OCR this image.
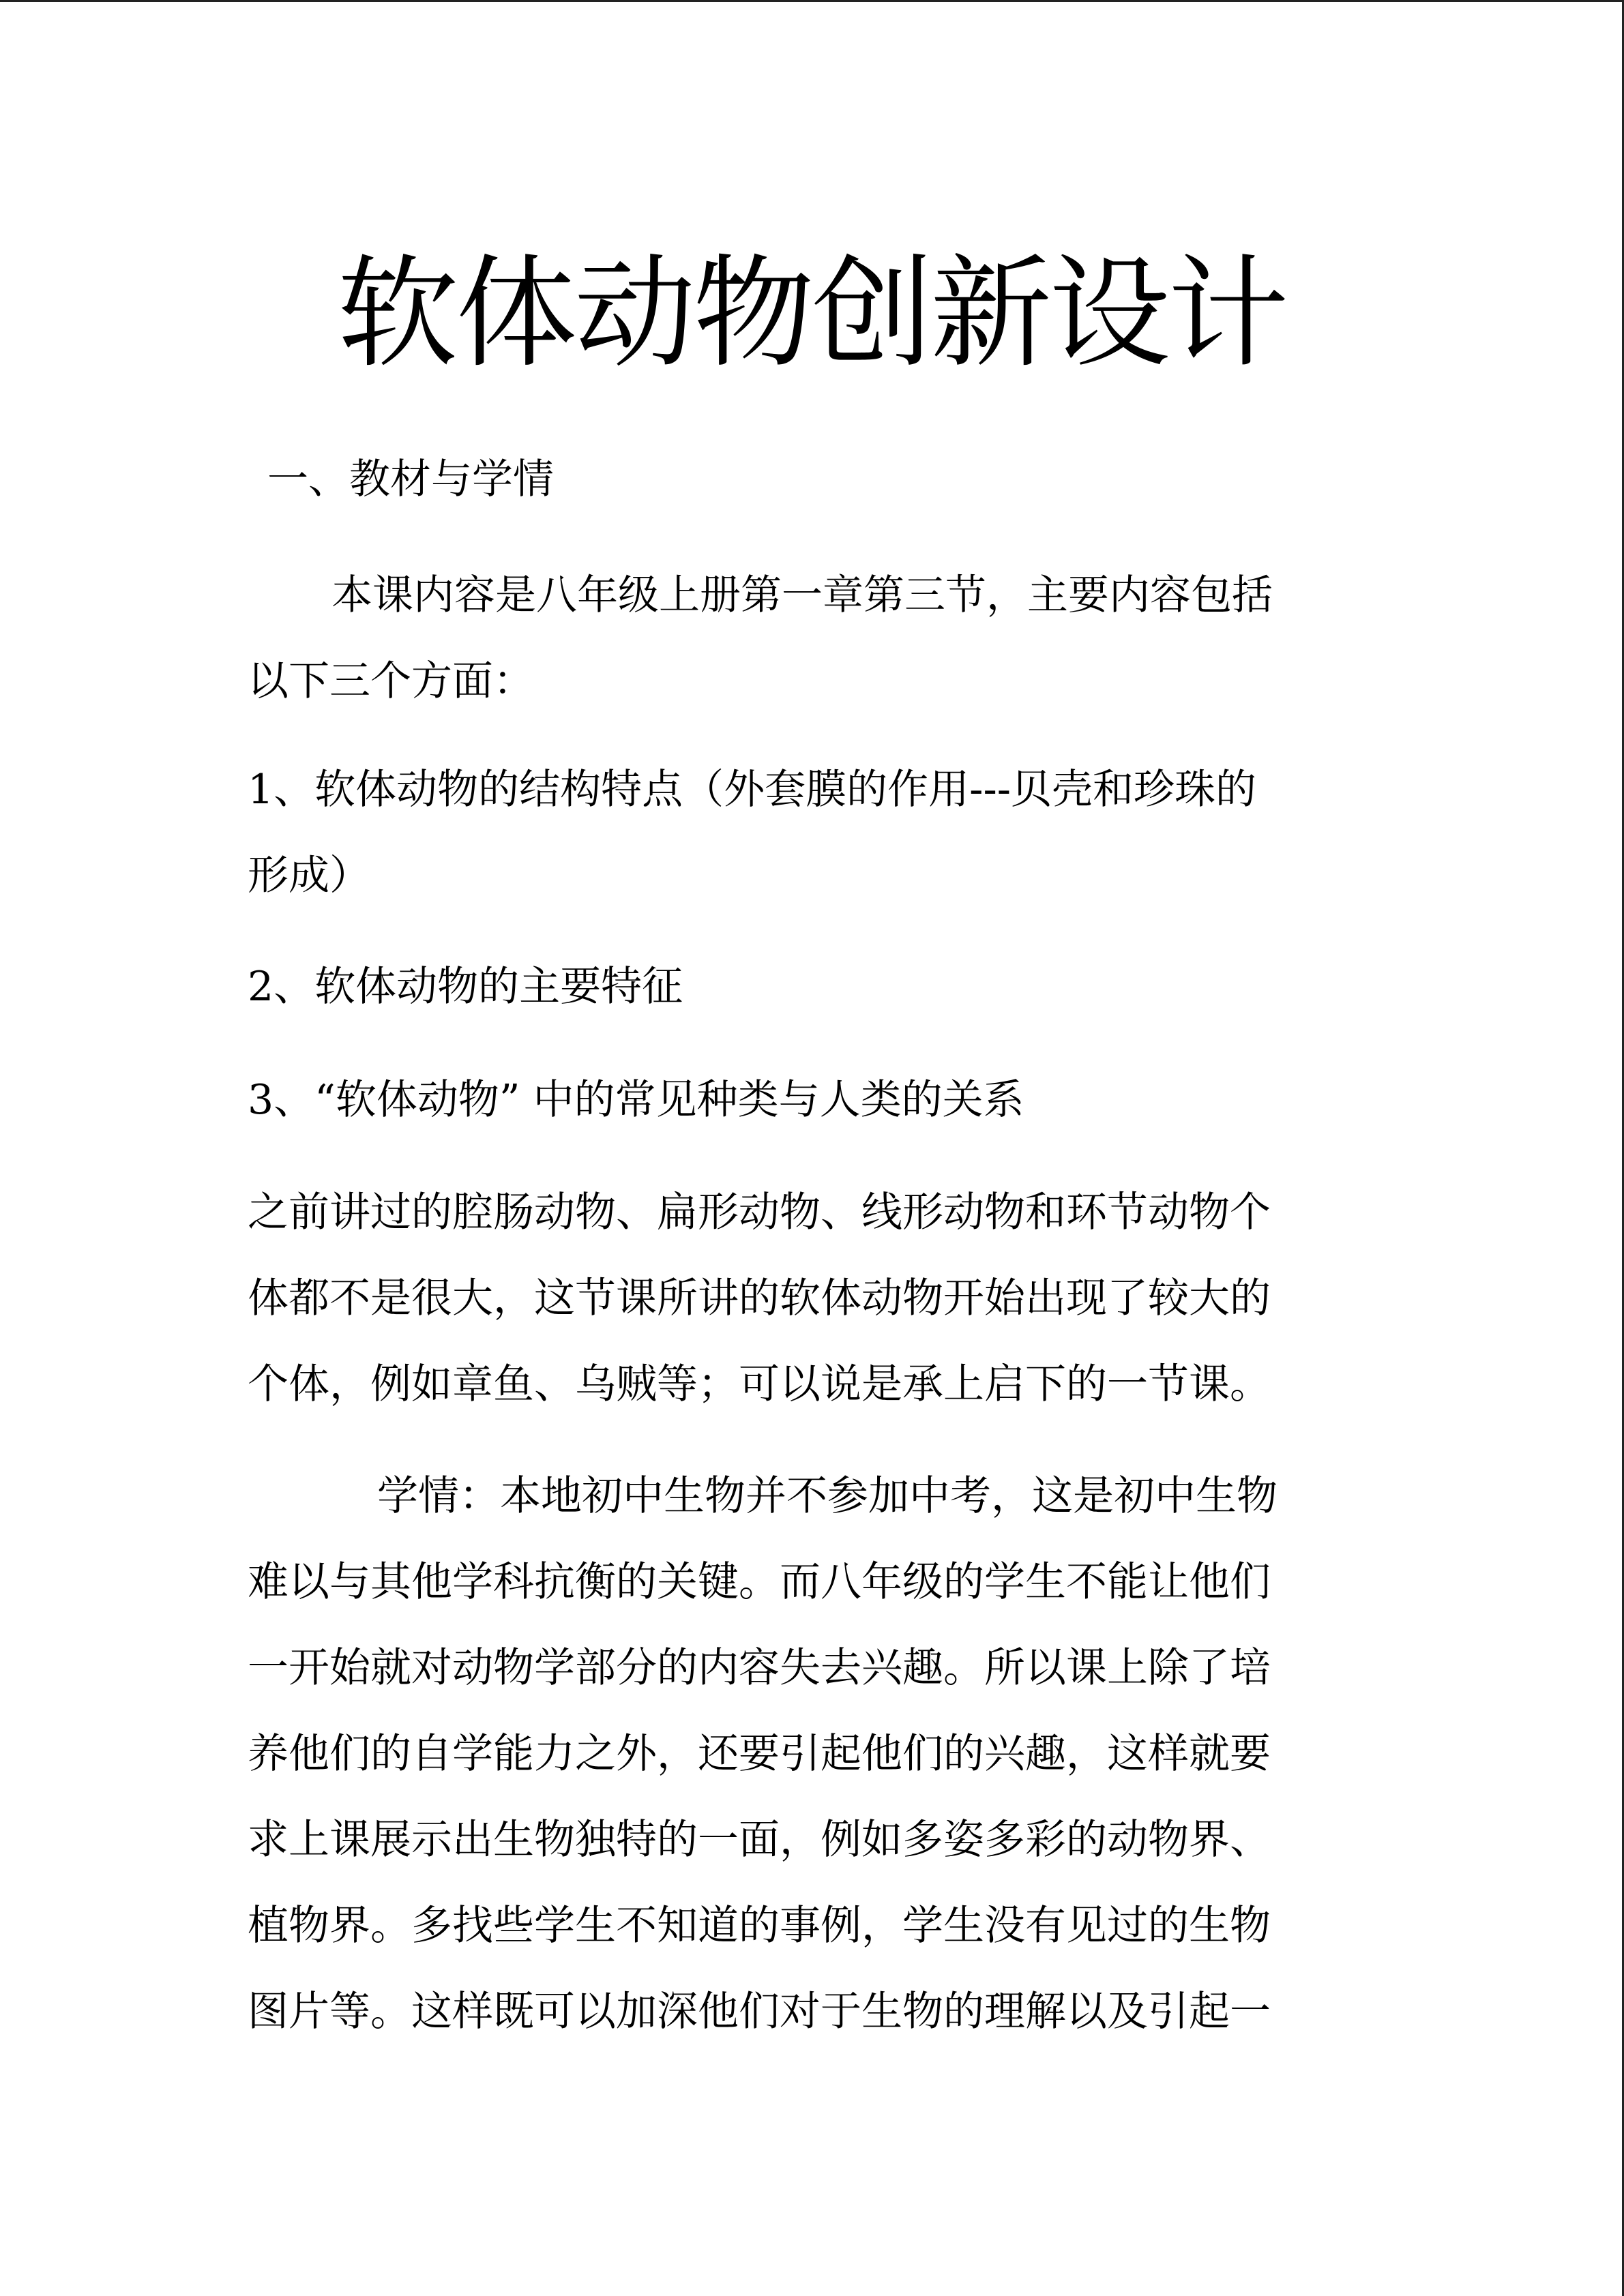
软体动物创新设计
一、教材与学情
本课内容是八年级上册第一章第三节，主要内容包括
以下三个方面：
1、软体动物的结构特点（外套膜的作用---贝壳和珍珠的
形成）
2、软体动物的主要特征
3、“软体动物” 中的常见种类与人类的关系
之前讲过的腔肠动物、扁形动物、线形动物和环节动物个
体都不是很大，这节课所讲的软体动物开始出现了较大的
个体，例如章鱼、乌贼等；可以说是承上启下的一节课。
学情：本地初中生物并不参加中考，这是初中生物
难以与其他学科抗衡的关键。而八年级的学生不能让他们
一开始就对动物学部分的内容失去兴趣。所以课上除了培
养他们的自学能力之外，还要引起他们的兴趣，这样就要
求上课展示出生物独特的一面，例如多姿多彩的动物界、
植物界。多找些学生不知道的事例，学生没有见过的生物
图片等。这样既可以加深他们对于生物的理解以及引起一
